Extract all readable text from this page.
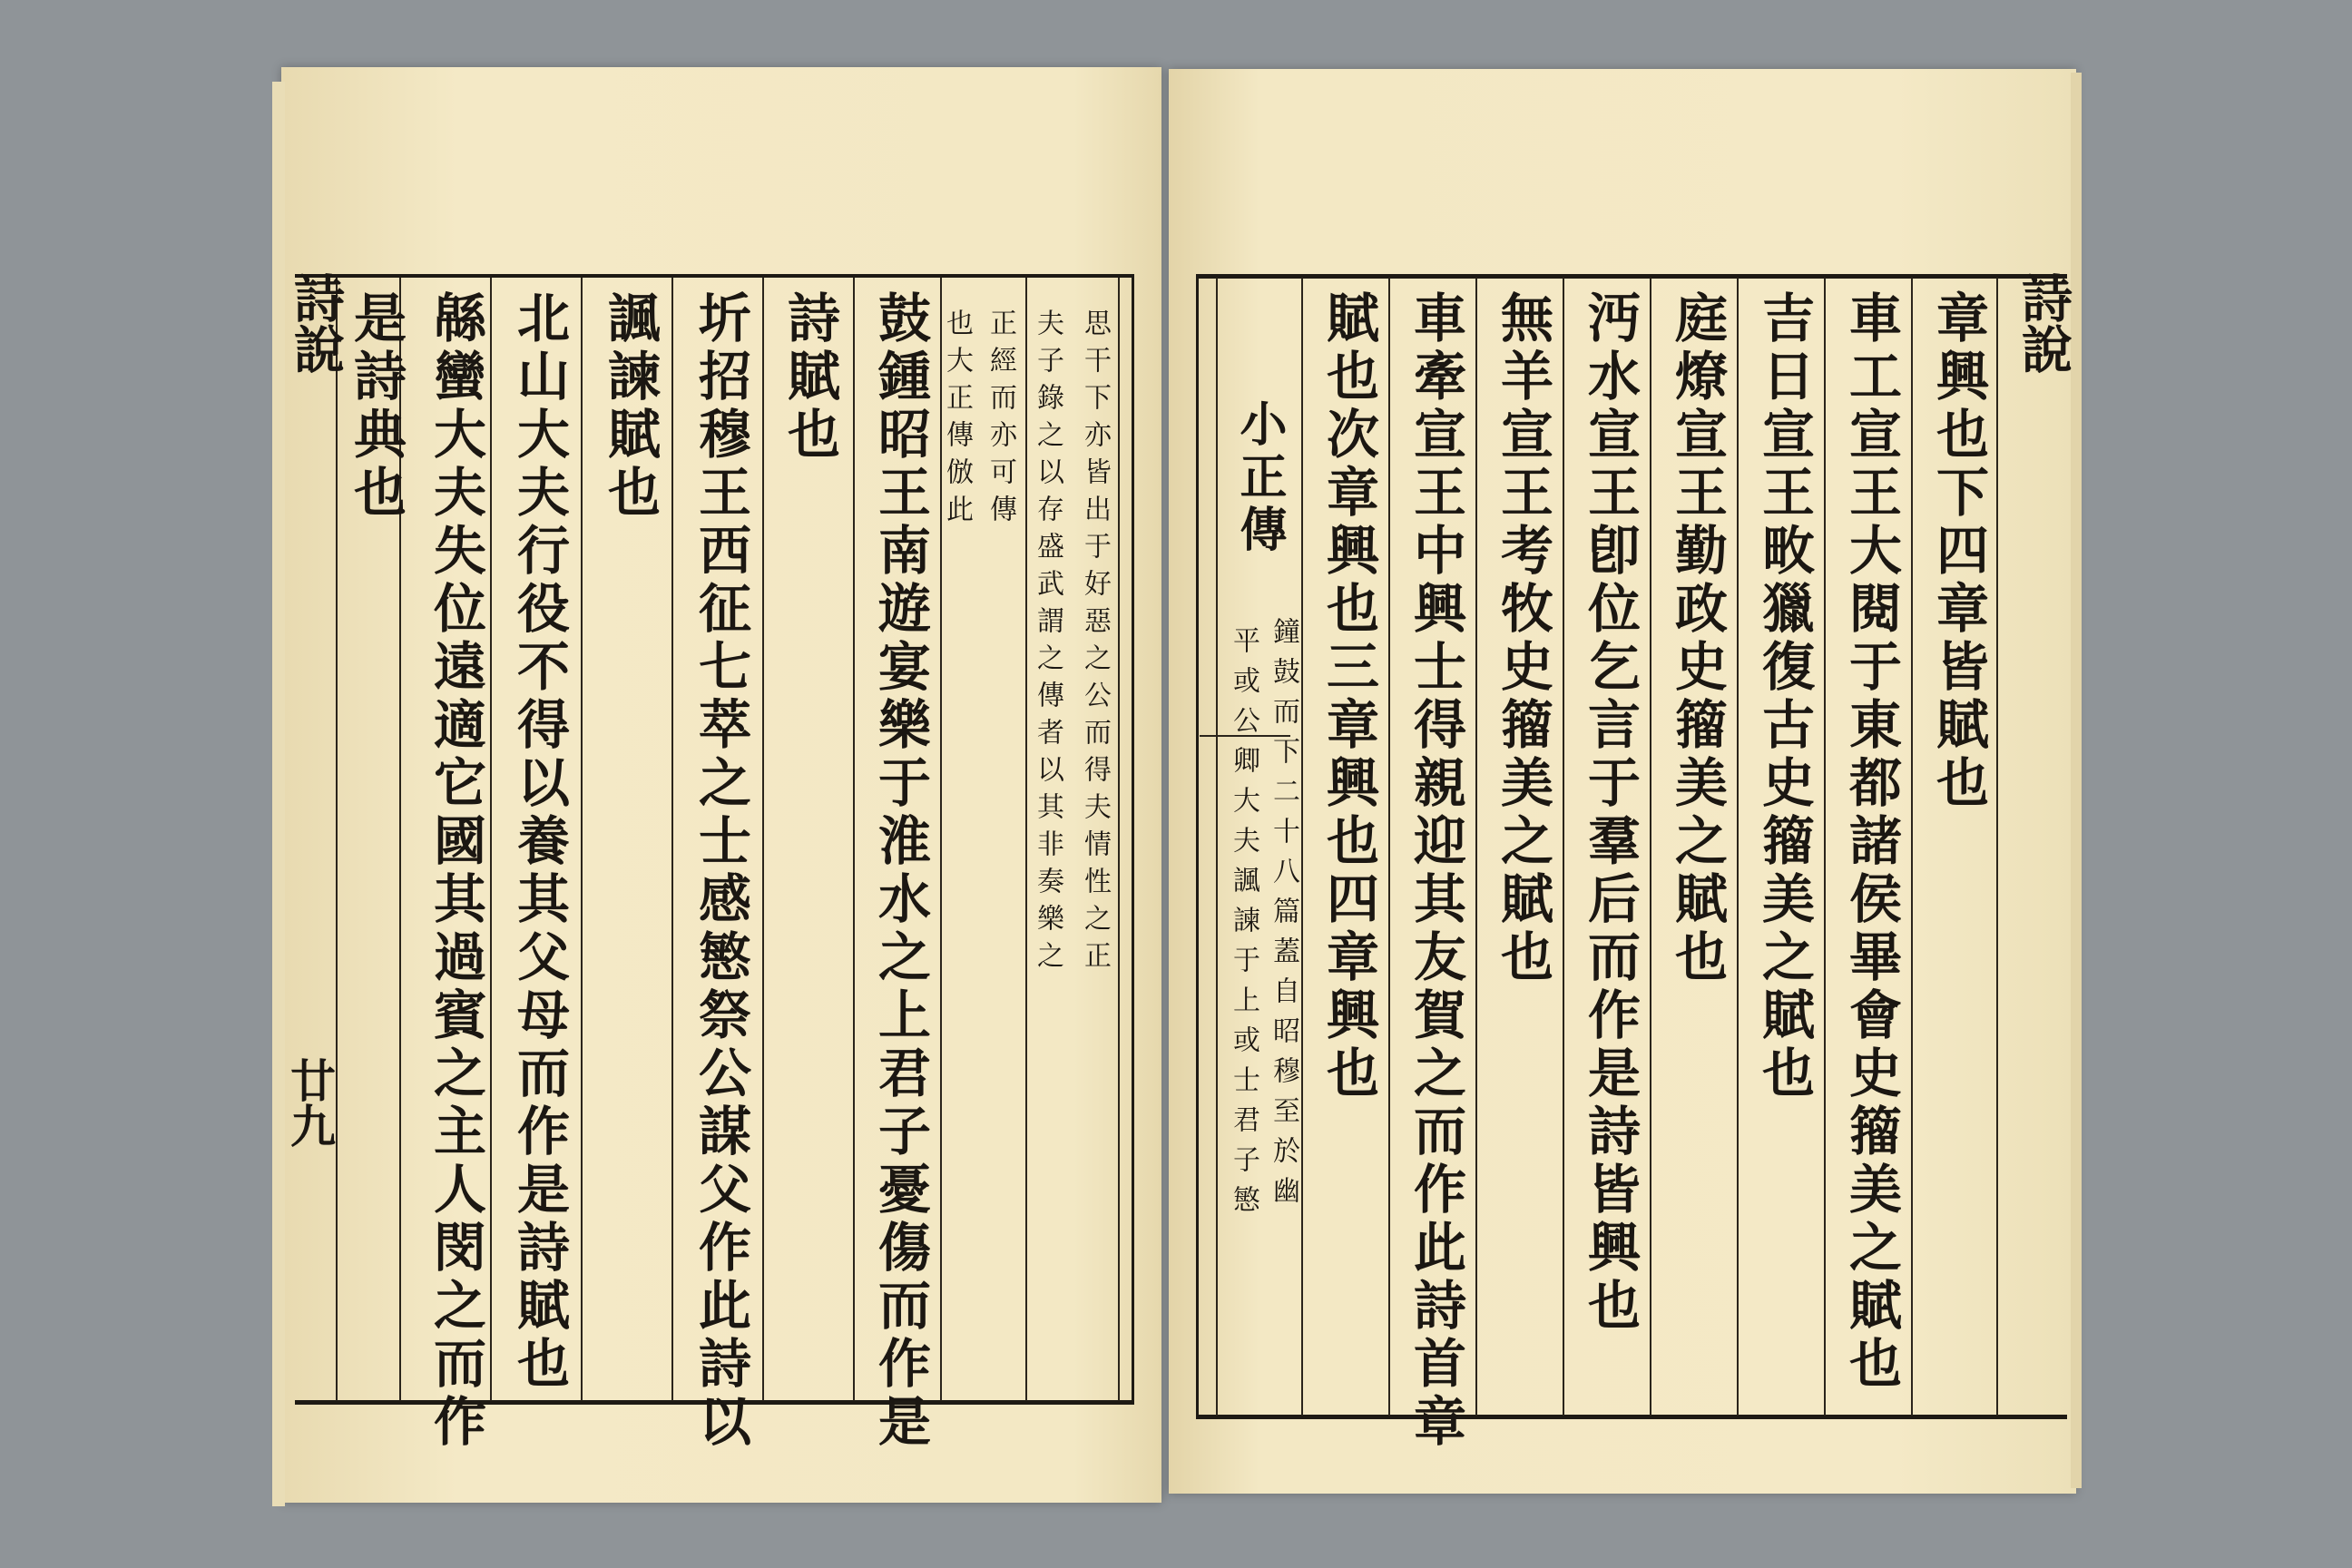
詩說
廿九
思干下亦皆出于好惡之公而得夫情性之正
夫子錄之以存盛武謂之傳者以其非奏樂之
正經而亦可傳
也大正傳倣此
鼓鍾昭王南遊宴樂于淮水之上君子憂傷而作是
詩賦也
圻招穆王西征七萃之士感慜祭公謀父作此詩以
諷諫賦也
北山大夫行役不得以養其父母而作是詩賦也
緜蠻大夫失位遠適它國其過賓之主人閔之而作
是詩典也	詩說
章興也下四章皆賦也
車工宣王大閱于東都諸侯畢會史籀美之賦也
吉日宣王畋獵復古史籀美之賦也
庭燎宣王勤政史籀美之賦也
沔水宣王卽位乞言于羣后而作是詩皆興也
無羊宣王考牧史籀美之賦也
車牽宣王中興士得親迎其友賀之而作此詩首章
賦也次章興也三章興也四章興也
小正傳
鐘鼓而下二十八篇蓋自昭穆至於幽
平或公卿大夫諷諫于上或士君子慜
